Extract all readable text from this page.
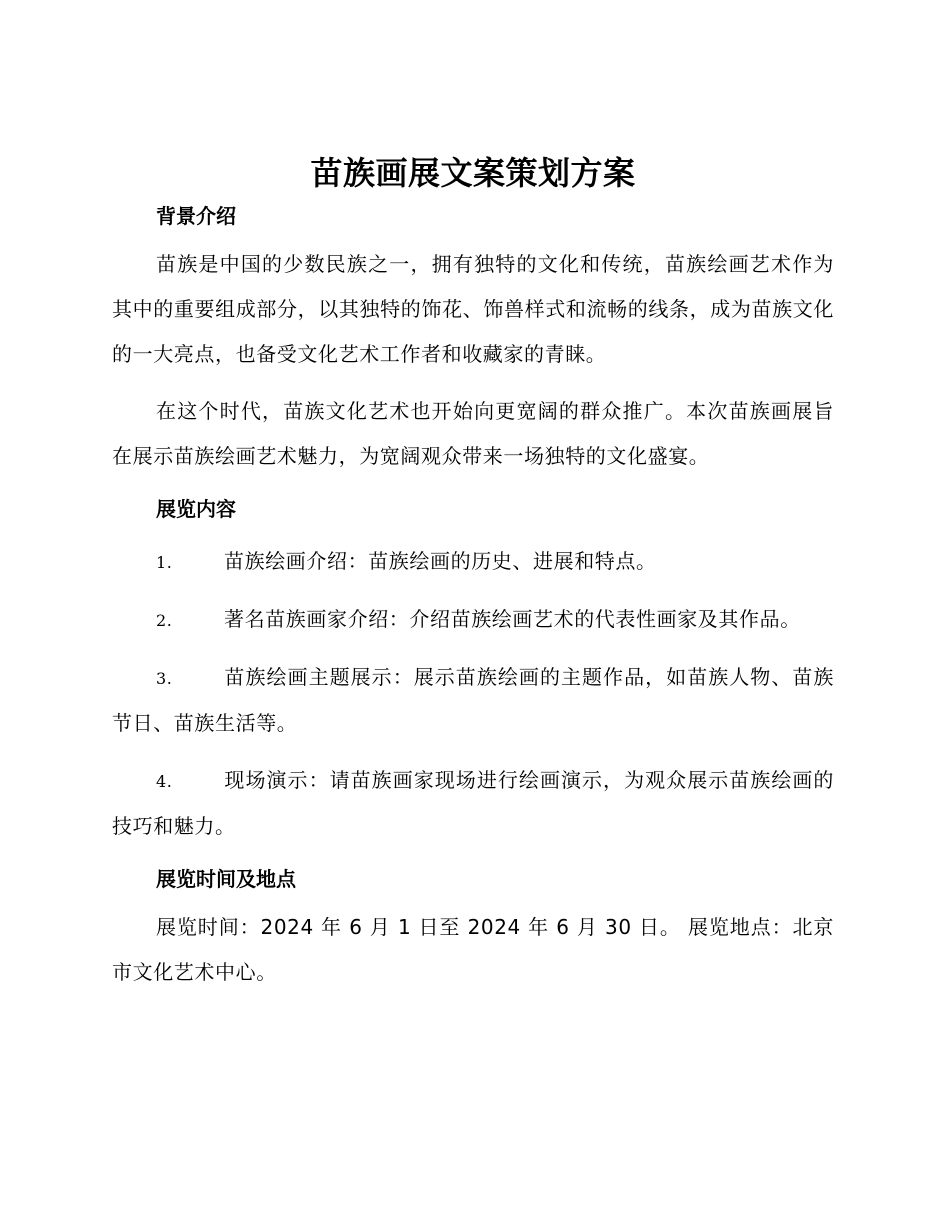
苗族画展文案策划方案
背景介绍

苗族是中国的少数民族之一，拥有独特的文化和传统，苗族绘画艺术作为其中的重要组成部分，以其独特的饰花、饰兽样式和流畅的线条，成为苗族文化的一大亮点，也备受文化艺术工作者和收藏家的青睐。

在这个时代，苗族文化艺术也开始向更宽阔的群众推广。本次苗族画展旨在展示苗族绘画艺术魅力，为宽阔观众带来一场独特的文化盛宴。

展览内容

1.	苗族绘画介绍：苗族绘画的历史、进展和特点。

2.	著名苗族画家介绍：介绍苗族绘画艺术的代表性画家及其作品。

3.	苗族绘画主题展示：展示苗族绘画的主题作品，如苗族人物、苗族节日、苗族生活等。

4.	现场演示：请苗族画家现场进行绘画演示，为观众展示苗族绘画的技巧和魅力。

展览时间及地点

展览时间：2024 年 6 月 1 日至 2024 年 6 月 30 日。 展览地点：北京市文化艺术中心。
